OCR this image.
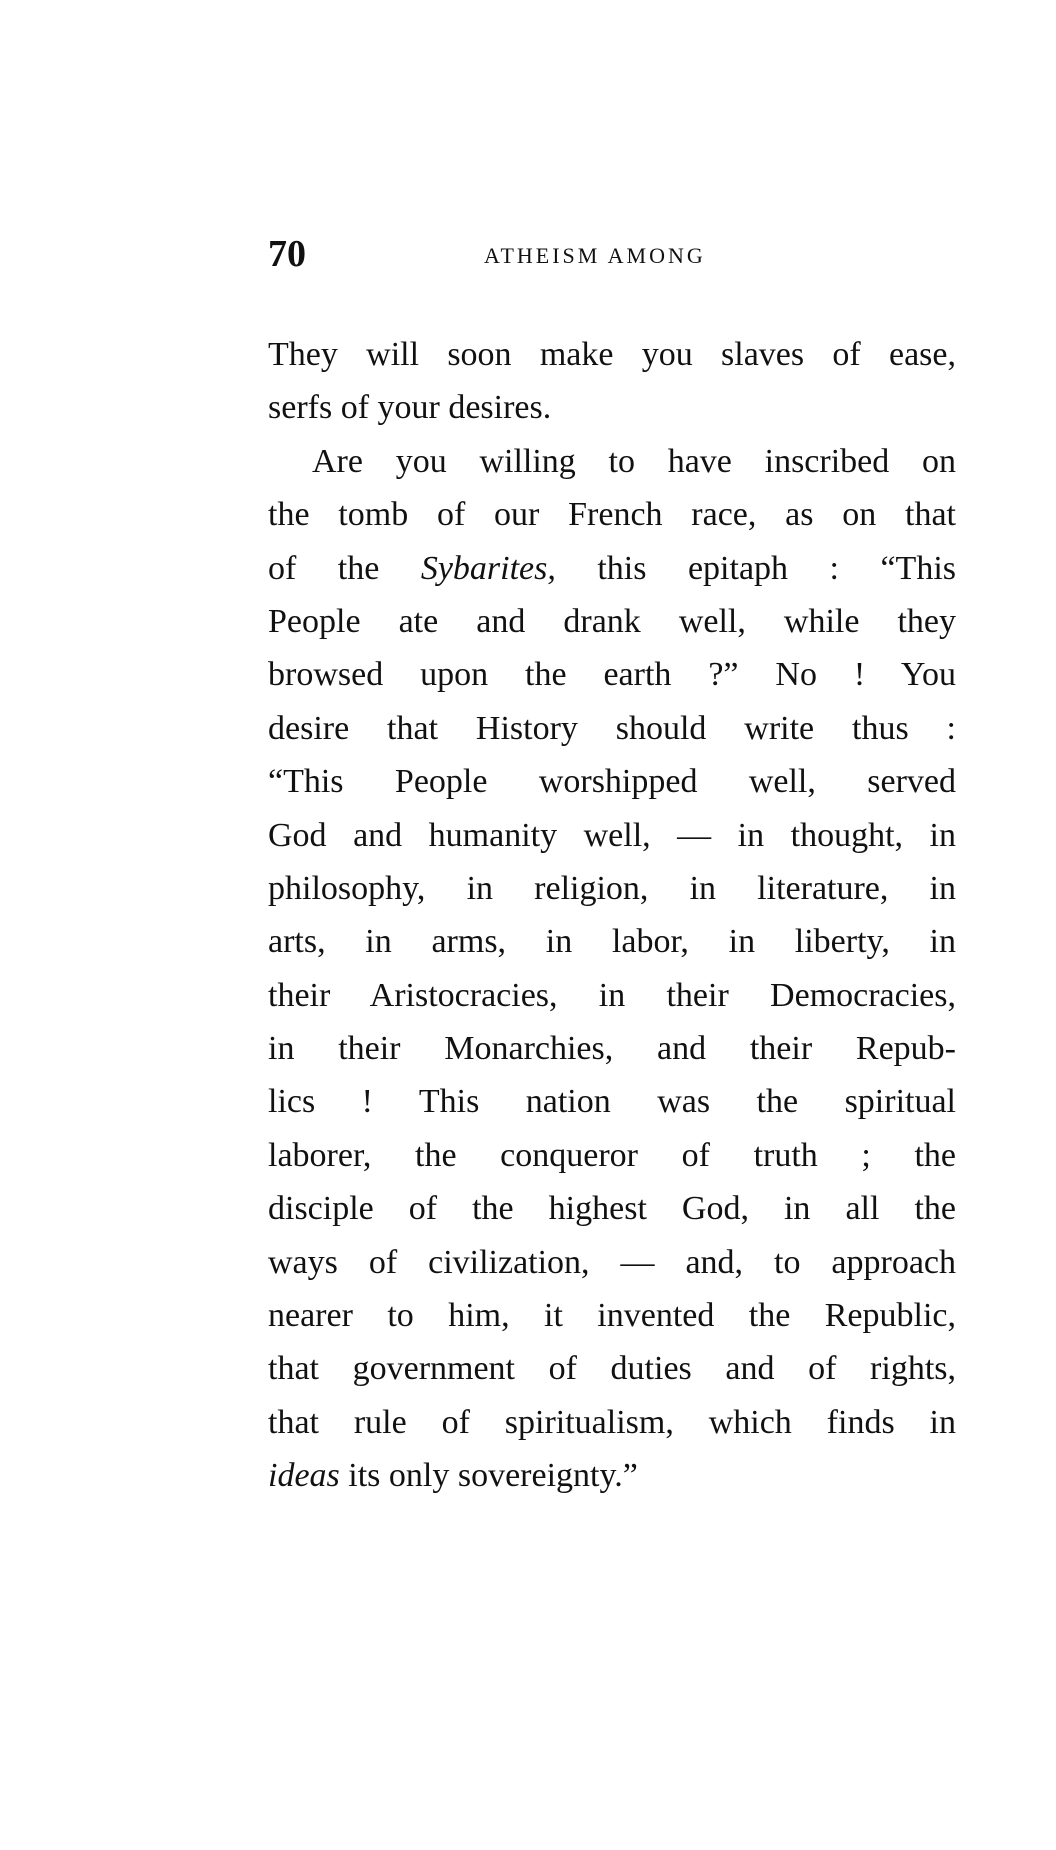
70	ATHEISM AMONG
They will soon make you slaves of ease,
serfs of your desires.
Are you willing to have inscribed on
the tomb of our French race, as on that
of the Sybarites, this epitaph : “This
People ate and drank well, while they
browsed upon the earth ?” No ! You
desire that History should write thus :
“This People worshipped well, served
God and humanity well, — in thought, in
philosophy, in religion, in literature, in
arts, in arms, in labor, in liberty, in
their Aristocracies, in their Democracies,
in their Monarchies, and their Repub-
lics ! This nation was the spiritual
laborer, the conqueror of truth ; the
disciple of the highest God, in all the
ways of civilization, — and, to approach
nearer to him, it invented the Republic,
that government of duties and of rights,
that rule of spiritualism, which finds in
ideas its only sovereignty.”
